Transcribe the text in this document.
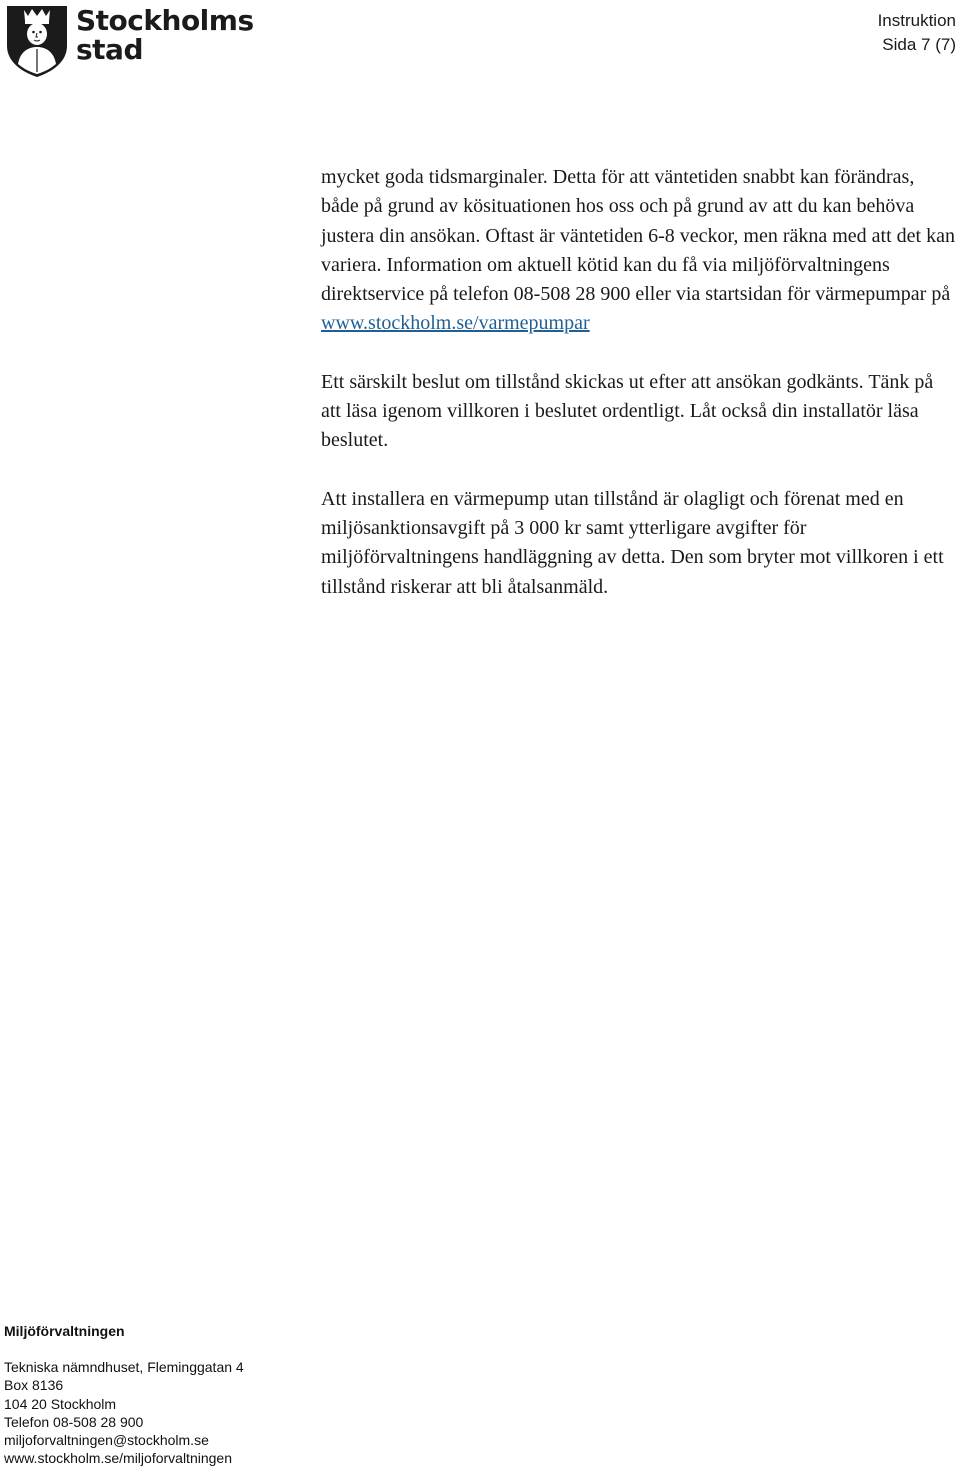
Stockholms
stad
Instruktion
Sida 7 (7)

mycket goda tidsmarginaler. Detta för att väntetiden snabbt kan förändras, både på grund av kösituationen hos oss och på grund av att du kan behöva justera din ansökan. Oftast är väntetiden 6-8 veckor, men räkna med att det kan variera. Information om aktuell kötid kan du få via miljöförvaltningens direktservice på telefon 08-508 28 900 eller via startsidan för värmepumpar på www.stockholm.se/varmepumpar

Ett särskilt beslut om tillstånd skickas ut efter att ansökan godkänts. Tänk på att läsa igenom villkoren i beslutet ordentligt. Låt också din installatör läsa beslutet.

Att installera en värmepump utan tillstånd är olagligt och förenat med en miljösanktionsavgift på 3 000 kr samt ytterligare avgifter för miljöförvaltningens handläggning av detta. Den som bryter mot villkoren i ett tillstånd riskerar att bli åtalsanmäld.

Miljöförvaltningen
Tekniska nämndhuset, Fleminggatan 4
Box 8136
104 20 Stockholm
Telefon 08-508 28 900
miljoforvaltningen@stockholm.se
www.stockholm.se/miljoforvaltningen
